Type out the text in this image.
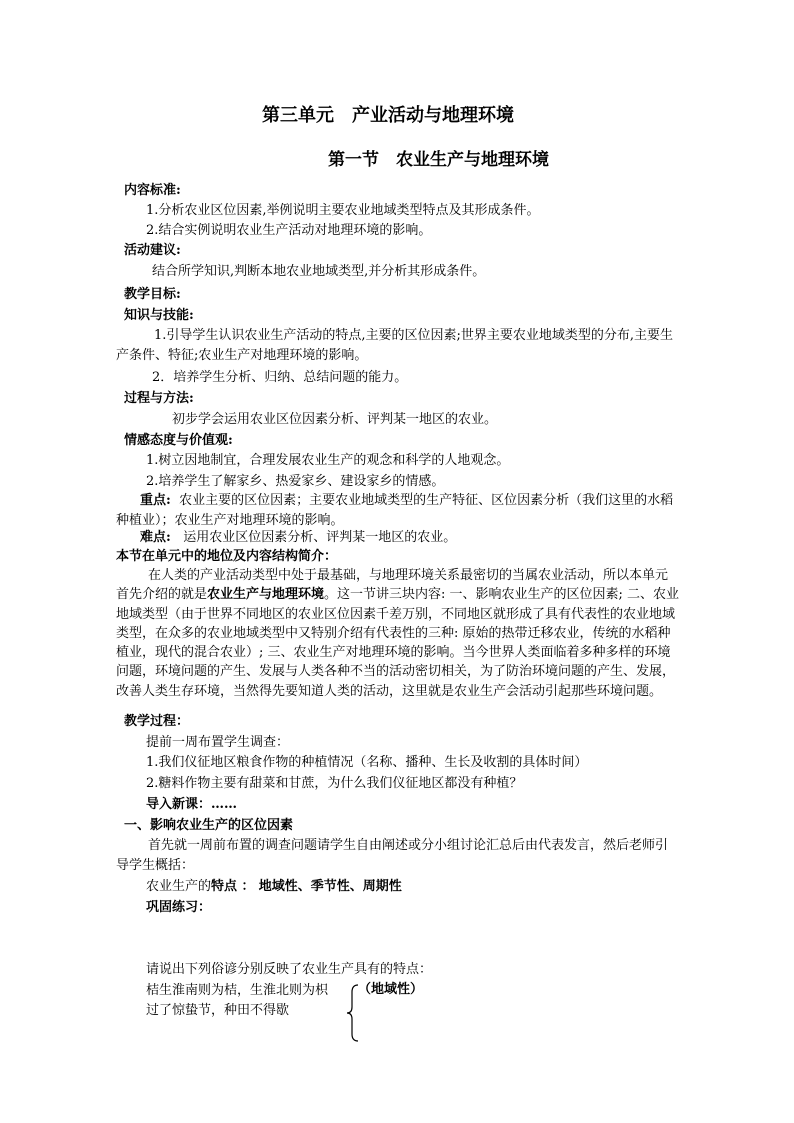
第三单元　产业活动与地理环境
第一节　农业生产与地理环境
内容标准:
1.分析农业区位因素,举例说明主要农业地域类型特点及其形成条件。
2.结合实例说明农业生产活动对地理环境的影响。
活动建议:
结合所学知识,判断本地农业地域类型,并分析其形成条件。
教学目标:
知识与技能:
1.引导学生认识农业生产活动的特点,主要的区位因素;世界主要农业地域类型的分布,主要生产条件、特征;农业生产对地理环境的影响。
2．培养学生分析、归纳、总结问题的能力。
过程与方法:
初步学会运用农业区位因素分析、评判某一地区的农业。
情感态度与价值观:
1.树立因地制宜，合理发展农业生产的观念和科学的人地观念。
2.培养学生了解家乡、热爱家乡、建设家乡的情感。
重点: 农业主要的区位因素；主要农业地域类型的生产特征、区位因素分析（我们这里的水稻种植业）；农业生产对地理环境的影响。
难点: 运用农业区位因素分析、评判某一地区的农业。
本节在单元中的地位及内容结构简介：
在人类的产业活动类型中处于最基础，与地理环境关系最密切的当属农业活动，所以本单元首先介绍的就是农业生产与地理环境。这一节讲三块内容: 一、影响农业生产的区位因素; 二、农业地域类型（由于世界不同地区的农业区位因素千差万别，不同地区就形成了具有代表性的农业地域类型，在众多的农业地域类型中又特别介绍有代表性的三种: 原始的热带迁移农业，传统的水稻种植业，现代的混合农业）; 三、农业生产对地理环境的影响。当今世界人类面临着多种多样的环境问题，环境问题的产生、发展与人类各种不当的活动密切相关，为了防治环境问题的产生、发展，改善人类生存环境，当然得先要知道人类的活动，这里就是农业生产会活动引起那些环境问题。
教学过程：
提前一周布置学生调查：
1.我们仪征地区粮食作物的种植情况（名称、播种、生长及收割的具体时间）
2.糖料作物主要有甜菜和甘蔗，为什么我们仪征地区都没有种植？
导入新课：……
一、影响农业生产的区位因素
首先就一周前布置的调查问题请学生自由阐述或分小组讨论汇总后由代表发言，然后老师引导学生概括：
农业生产的特点 ： 地域性、季节性、周期性
巩固练习：
请说出下列俗谚分别反映了农业生产具有的特点：
桔生淮南则为桔，生淮北则为枳
过了惊蛰节，种田不得歇
（地域性）
